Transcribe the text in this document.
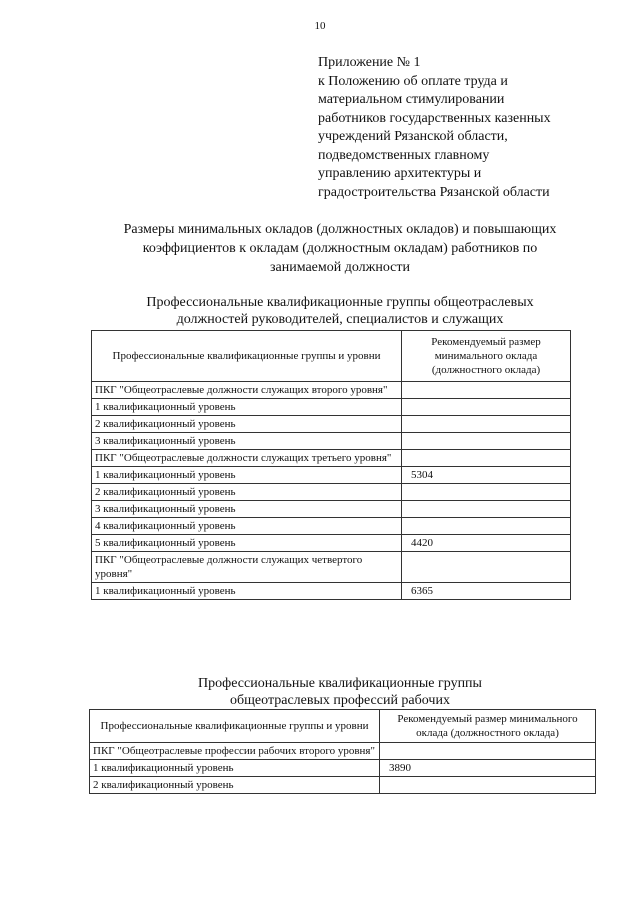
10
Приложение № 1
к Положению об оплате труда и
материальном стимулировании
работников государственных казенных
учреждений Рязанской области,
подведомственных главному
управлению архитектуры и
градостроительства Рязанской области
Размеры минимальных окладов (должностных окладов) и повышающих
коэффициентов к окладам (должностным окладам) работников по
занимаемой должности
Профессиональные квалификационные группы общеотраслевых
должностей руководителей, специалистов и служащих
Профессиональные квалификационные группы и уровни	Рекомендуемый размер минимального оклада (должностного оклада)
ПКГ "Общеотраслевые должности служащих второго уровня"	
1 квалификационный уровень	
2 квалификационный уровень	
3 квалификационный уровень	
ПКГ "Общеотраслевые должности служащих третьего уровня"	
1 квалификационный уровень	5304
2 квалификационный уровень	
3 квалификационный уровень	
4 квалификационный уровень	
5 квалификационный уровень	4420
ПКГ "Общеотраслевые должности служащих четвертого уровня"	
1 квалификационный уровень	6365
Профессиональные квалификационные группы
общеотраслевых профессий рабочих
Профессиональные квалификационные группы и уровни	Рекомендуемый размер минимального оклада (должностного оклада)
ПКГ "Общеотраслевые профессии рабочих второго уровня"	
1 квалификационный уровень	3890
2 квалификационный уровень	
